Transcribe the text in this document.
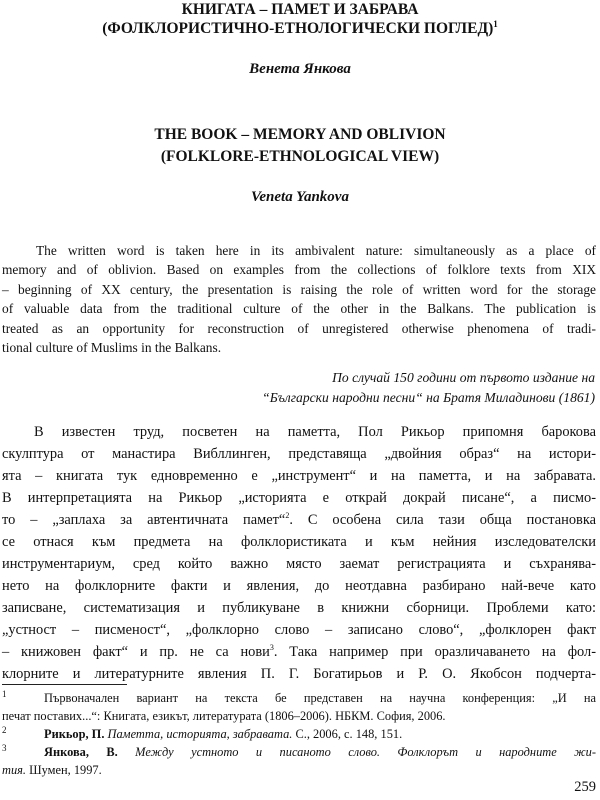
КНИГАТА – ПАМЕТ И ЗАБРАВА
(ФОЛКЛОРИСТИЧНО-ЕТНОЛОГИЧЕСКИ ПОГЛЕД)$^1$
Венета Янкова
THE BOOK – MEMORY AND OBLIVION
(FOLKLORE-ETHNOLOGICAL VIEW)
Veneta Yankova
The written word is taken here in its ambivalent nature: simultaneously as a place of
memory and of oblivion. Based on examples from the collections of folklore texts from XIX
– beginning of XX century, the presentation is raising the role of written word for the storage
of valuable data from the traditional culture of the other in the Balkans. The publication is
treated as an opportunity for reconstruction of unregistered otherwise phenomena of tradi-
tional culture of Muslims in the Balkans.
По случай 150 години от първото издание на
“Български народни песни“ на Братя Миладинови (1861)
В известен труд, посветен на паметта, Пол Рикьор припомня барокова
скулптура от манастира Вибллинген, представяща „двойния образ“ на истори-
ята – книгата тук едновременно е „инструмент“ и на паметта, и на забравата.
В интерпретацията на Рикьор „историята е открай докрай писане“, а писмо-
то – „заплаха за автентичната памет“$^2$. С особена сила тази обща постановка
се отнася към предмета на фолклористиката и към нейния изследователски
инструментариум, сред който важно място заемат регистрацията и съхранява-
нето на фолклорните факти и явления, до неотдавна разбирано най-вече като
записване, систематизация и публикуване в книжни сборници. Проблеми като:
„устност – писменост“, „фолклорно слово – записано слово“, „фолклорен факт
– книжовен факт“ и пр. не са нови$^3$. Така например при оразличаването на фол-
клорните и литературните явления П. Г. Богатирьов и Р. О. Якобсон подчерта-
1	Първоначален вариант на текста бе представен на научна конференция: „И на
печат поставих...“: Книгата, езикът, литературата (1806–2006). НБКМ. София, 2006.
2	Рикьор, П. Паметта, историята, забравата. С., 2006, с. 148, 151.
3	Янкова, В. Между устното и писаното слово. Фолклорът и народните жи-
тия. Шумен, 1997.
259
